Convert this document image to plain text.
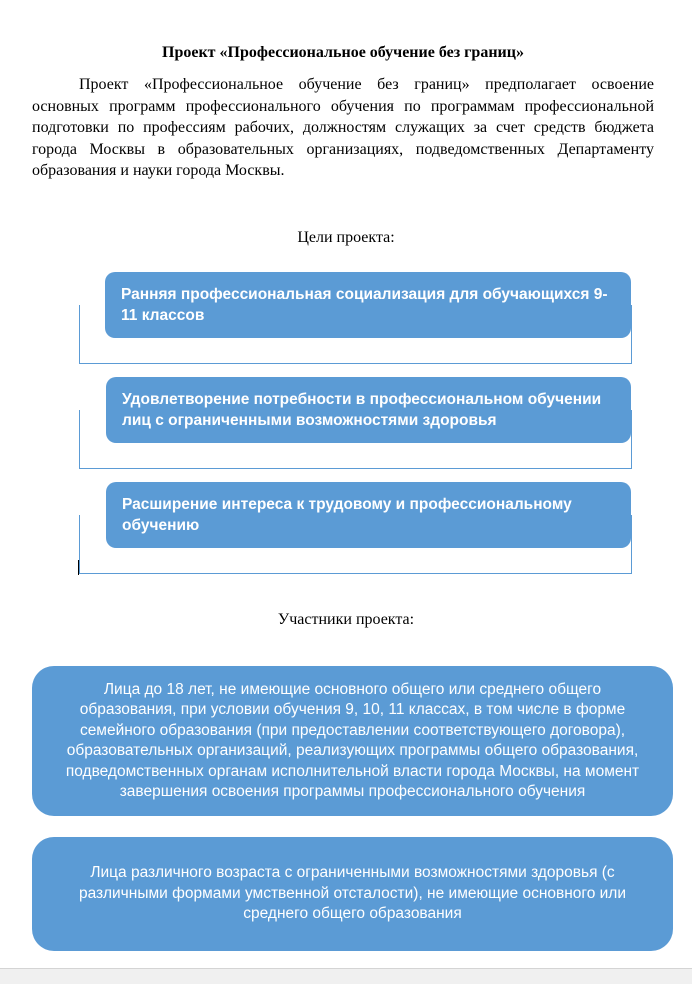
Проект «Профессиональное обучение без границ»

Проект «Профессиональное обучение без границ» предполагает освоение основных программ профессионального обучения по программам профессиональной подготовки по профессиям рабочих, должностям служащих за счет средств бюджета города Москвы в образовательных организациях, подведомственных Департаменту образования и науки города Москвы.

Цели проекта:
Ранняя профессиональная социализация для обучающихся 9-11 классов
Удовлетворение потребности в профессиональном обучении лиц с ограниченными возможностями здоровья
Расширение интереса к трудовому и профессиональному обучению
Участники проекта:
Лица до 18 лет, не имеющие основного общего или среднего общего образования, при условии обучения 9, 10, 11 классах, в том числе в форме семейного образования (при предоставлении соответствующего договора), образовательных организаций, реализующих программы общего образования, подведомственных органам исполнительной власти города Москвы, на момент завершения освоения программы профессионального обучения
Лица различного возраста с ограниченными возможностями здоровья (с различными формами умственной отсталости), не имеющие основного или среднего общего образования
